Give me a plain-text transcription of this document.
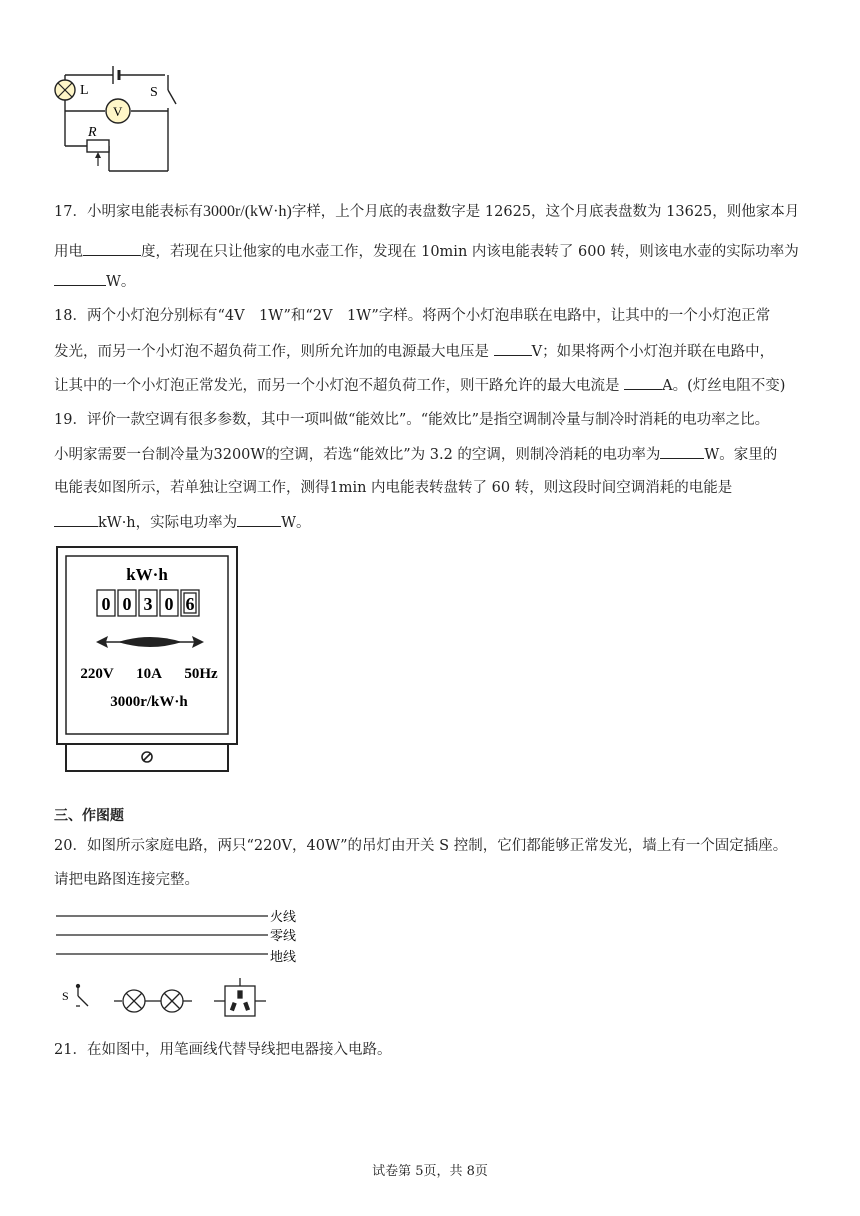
L
V
S
R
17．小明家电能表标有3000r/(kW·h)字样，上个月底的表盘数字是 12625，这个月底表盘数为 13625，则他家本月
用电	度，若现在只让他家的电水壶工作，发现在 10min 内该电能表转了 600 转，则该电水壶的实际功率为
W。
18．两个小灯泡分别标有“4V　1W”和“2V　1W”字样。将两个小灯泡串联在电路中，让其中的一个小灯泡正常
发光，而另一个小灯泡不超负荷工作，则所允许加的电源最大电压是	V；如果将两个小灯泡并联在电路中，
让其中的一个小灯泡正常发光，而另一个小灯泡不超负荷工作，则干路允许的最大电流是	A。(灯丝电阻不变)
19．评价一款空调有很多参数，其中一项叫做“能效比”。“能效比”是指空调制冷量与制冷时消耗的电功率之比。
小明家需要一台制冷量为3200W的空调，若选“能效比”为 3.2 的空调，则制冷消耗的电功率为	W。家里的
电能表如图所示，若单独让空调工作，测得1min 内电能表转盘转了 60 转，则这段时间空调消耗的电能是
kW·h，实际电功率为	W。
kW·h
0 0 3 0 6
220V 10A 50Hz
3000r/kW·h
三、作图题
20．如图所示家庭电路，两只“220V，40W”的吊灯由开关 S 控制，它们都能够正常发光，墙上有一个固定插座。
请把电路图连接完整。
火线
零线
地线
S
21．在如图中，用笔画线代替导线把电器接入电路。
试卷第 5页，共 8页
